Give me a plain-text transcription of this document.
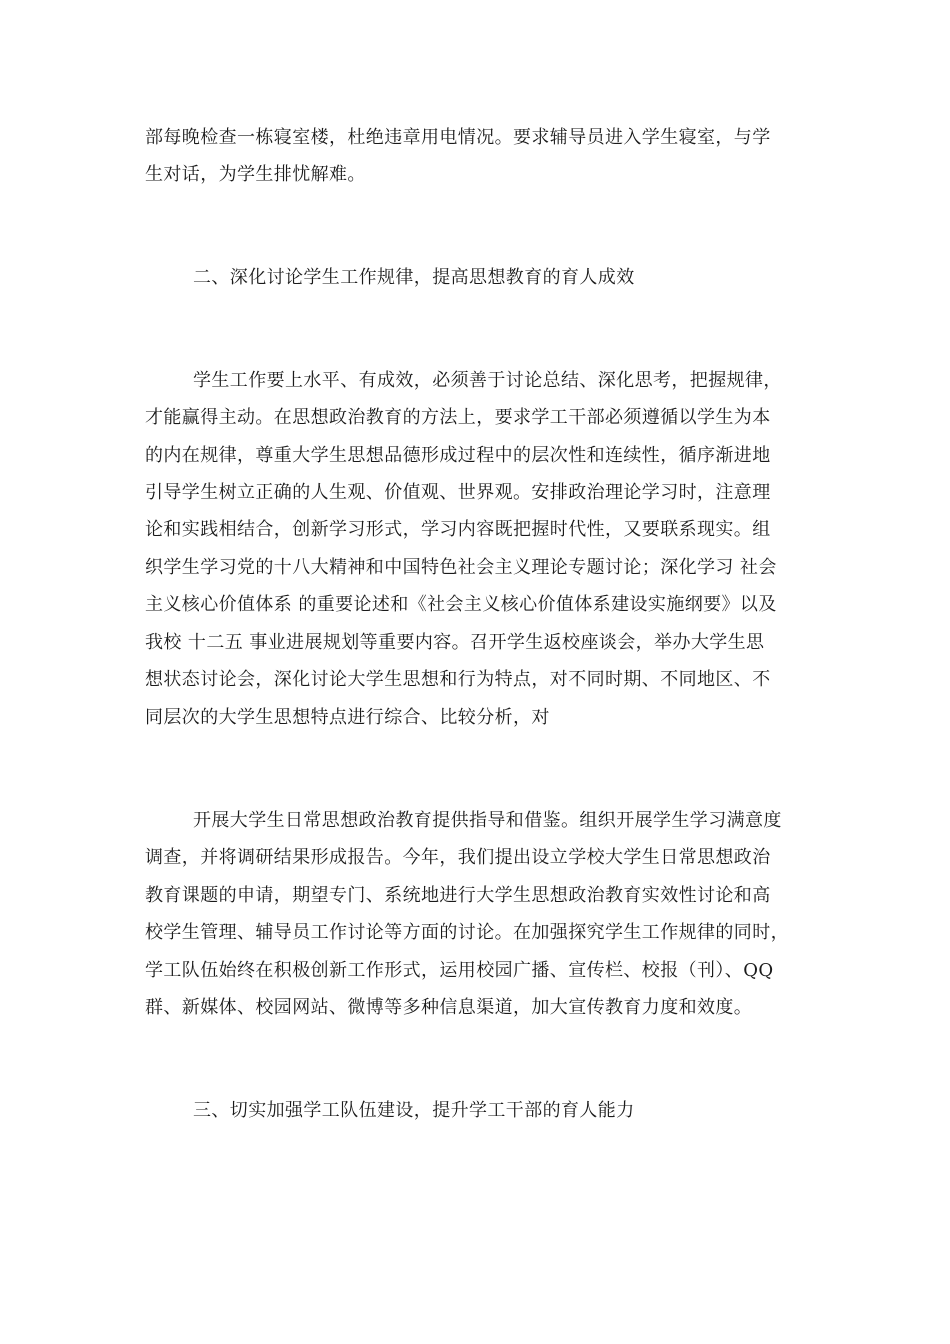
部每晚检查一栋寝室楼，杜绝违章用电情况。要求辅导员进入学生寝室，与学
生对话，为学生排忧解难。
二、深化讨论学生工作规律，提高思想教育的育人成效
学生工作要上水平、有成效，必须善于讨论总结、深化思考，把握规律，
才能赢得主动。在思想政治教育的方法上，要求学工干部必须遵循以学生为本
的内在规律，尊重大学生思想品德形成过程中的层次性和连续性，循序渐进地
引导学生树立正确的人生观、价值观、世界观。安排政治理论学习时，注意理
论和实践相结合，创新学习形式，学习内容既把握时代性，又要联系现实。组
织学生学习党的十八大精神和中国特色社会主义理论专题讨论；深化学习 社会
主义核心价值体系 的重要论述和《社会主义核心价值体系建设实施纲要》以及
我校 十二五 事业进展规划等重要内容。召开学生返校座谈会，举办大学生思
想状态讨论会，深化讨论大学生思想和行为特点，对不同时期、不同地区、不
同层次的大学生思想特点进行综合、比较分析，对
开展大学生日常思想政治教育提供指导和借鉴。组织开展学生学习满意度
调查，并将调研结果形成报告。今年，我们提出设立学校大学生日常思想政治
教育课题的申请，期望专门、系统地进行大学生思想政治教育实效性讨论和高
校学生管理、辅导员工作讨论等方面的讨论。在加强探究学生工作规律的同时，
学工队伍始终在积极创新工作形式，运用校园广播、宣传栏、校报（刊）、QQ
群、新媒体、校园网站、微博等多种信息渠道，加大宣传教育力度和效度。
三、切实加强学工队伍建设，提升学工干部的育人能力
